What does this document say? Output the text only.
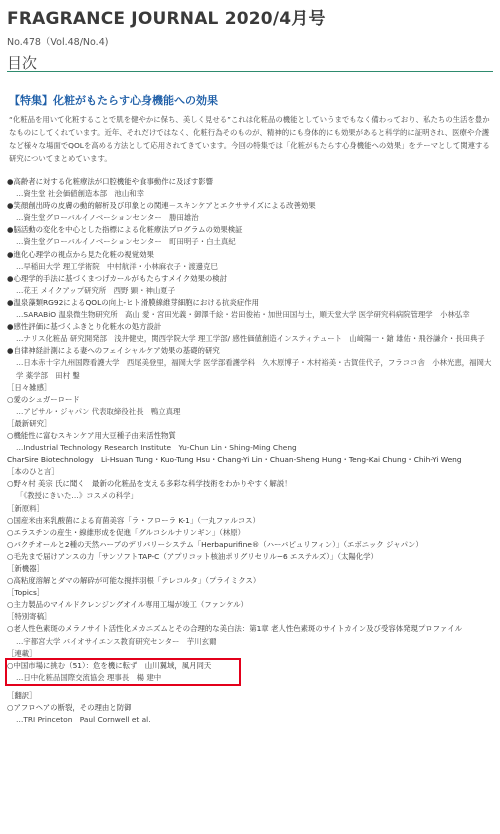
FRAGRANCE JOURNAL 2020/4月号
No.478（Vol.48/No.4)
目次
【特集】化粧がもたらす心身機能への効果
“化粧品を用いて化粧することで肌を健やかに保ち、美しく見せる”これは化粧品の機能としていうまでもなく備わっており、私たちの生活を豊かなものにしてくれています。近年、それだけではなく、化粧行為そのものが、精神的にも身体的にも効果があると科学的に証明され、医療や介護など様々な場面でQOLを高める方法として応用されてきています。今回の特集では「化粧がもたらす心身機能への効果」をテーマとして関連する研究についてまとめています。
●高齢者に対する化粧療法が口腔機能や食事動作に及ぼす影響
…資生堂 社会価値創造本部　池山和幸
●笑顔創出時の皮膚の動的解析及び印象との関連－スキンケアとエクササイズによる改善効果
…資生堂グローバルイノベーションセンター　勝田雄治
●脳活動の変化を中心とした指標による化粧療法プログラムの効果検証
…資生堂グローバルイノベーションセンター　町田明子・白土真紀
●進化心理学の視点から見た化粧の視覚効果
…早稲田大学 理工学術院　中村航洋・小林麻衣子・渡邊克巳
●心理学的手法に基づくまつげカールがもたらすメイク効果の検討
…花王 メイクアップ研究所　西野 顕・神山夏子
●温泉藻類RG92によるQOLの向上-ヒト滑膜線維芽細胞における抗炎症作用
…SARABiO 温泉微生物研究所　高山 愛・宮田光義・御澤千絵・岩田俊祐・加世田国与士，順天堂大学 医学研究科病院管理学　小林弘幸
●感性評価に基づくふきとり化粧水の処方設計
…ナリス化粧品 研究開発部　浅井健史，関西学院大学 理工学部/ 感性価値創造インスティテュート　山﨑陽一・鎗 雄佑・飛谷謙介・長田典子
●自律神経計測による妻へのフェイシャルケア効果の基礎的研究
…日本赤十字九州国際看護大学　西尾美登里，福岡大学 医学部看護学科　久木原博子・木村裕美・古賀佳代子，フラココ舎　小林光恵，福岡大学 薬学部　田村 鑿
［日々雑感］
○愛のシュガーロード
…アピサル・ジャパン 代表取締役社長　鴨立真理
［最新研究］
○機能性に富むスキンケア用大豆種子由来活性物質
…Industrial Technology Research Institute　Yu-Chun Lin・Shing-Ming Cheng
CharSire Biotechnology　Li-Hsuan Tung・Kuo-Tung Hsu・Chang-Yi Lin・Chuan-Sheng Hung・Teng-Kai Chung・Chih-Yi Weng
［本のひと言］
○野々村 美宗 氏に聞く　最新の化粧品を支える多彩な科学技術をわかりやすく解説！
「《教授にきいた…》コスメの科学」
［新原料］
○国産米由来乳酸菌による育菌美容「ラ・フローラ K-1」（一丸ファルコス）
○エラスチンの産生・線維形成を促進「グルコシルナリンギン」（林原）
○バクチオールと2種の天然ハーブのデリバリーシステム「Herbapurifine®（ハーバピュリフィン）」（エボニック ジャパン）
○毛先まで届けアンスの力「サンソフトTAP-C（アプリコット核油ポリグリセリル−6 エステルズ）」（太陽化学）
［新機器］
○高粘度溶解とダマの解砕が可能な撹拌羽根「テレコルタ」（プライミクス）
［Topics］
○主力製品のマイルドクレンジングオイル専用工場が竣工（ファンケル）
［特別寄稿］
○老人性色素斑のメラノサイト活性化メカニズムとその合理的な美白法：第1章 老人性色素斑のサイトカイン及び受容体発現プロファイル
…宇都宮大学 バイオサイエンス教育研究センター　芋川玄爾
［連載］
○中国市場に挑む（51）：危を機に転ず　山川翼域，風月同天
…日中化粧品国際交流協会 理事長　楊 建中
［翻訳］
○アフロヘアの断裂，その理由と防御
…TRI Princeton　Paul Cornwell et al.
